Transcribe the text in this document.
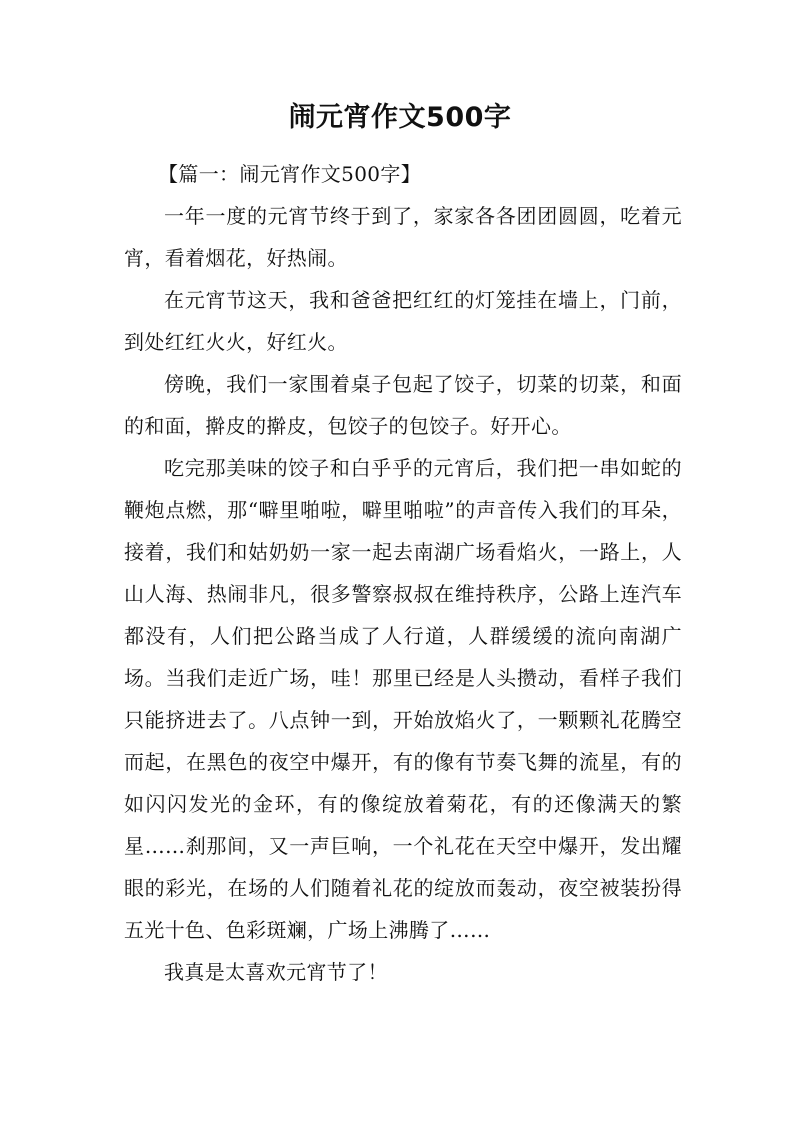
闹元宵作文500字

【篇一：闹元宵作文500字】

一年一度的元宵节终于到了，家家各各团团圆圆，吃着元宵，看着烟花，好热闹。

在元宵节这天，我和爸爸把红红的灯笼挂在墙上，门前，到处红红火火，好红火。

傍晚，我们一家围着桌子包起了饺子，切菜的切菜，和面的和面，擀皮的擀皮，包饺子的包饺子。好开心。

吃完那美味的饺子和白乎乎的元宵后，我们把一串如蛇的鞭炮点燃，那“噼里啪啦，噼里啪啦”的声音传入我们的耳朵，接着，我们和姑奶奶一家一起去南湖广场看焰火，一路上，人山人海、热闹非凡，很多警察叔叔在维持秩序，公路上连汽车都没有，人们把公路当成了人行道，人群缓缓的流向南湖广场。当我们走近广场，哇！那里已经是人头攒动，看样子我们只能挤进去了。八点钟一到，开始放焰火了，一颗颗礼花腾空而起，在黑色的夜空中爆开，有的像有节奏飞舞的流星，有的如闪闪发光的金环，有的像绽放着菊花，有的还像满天的繁星……刹那间，又一声巨响，一个礼花在天空中爆开，发出耀眼的彩光，在场的人们随着礼花的绽放而轰动，夜空被装扮得五光十色、色彩斑斓，广场上沸腾了……

我真是太喜欢元宵节了！
